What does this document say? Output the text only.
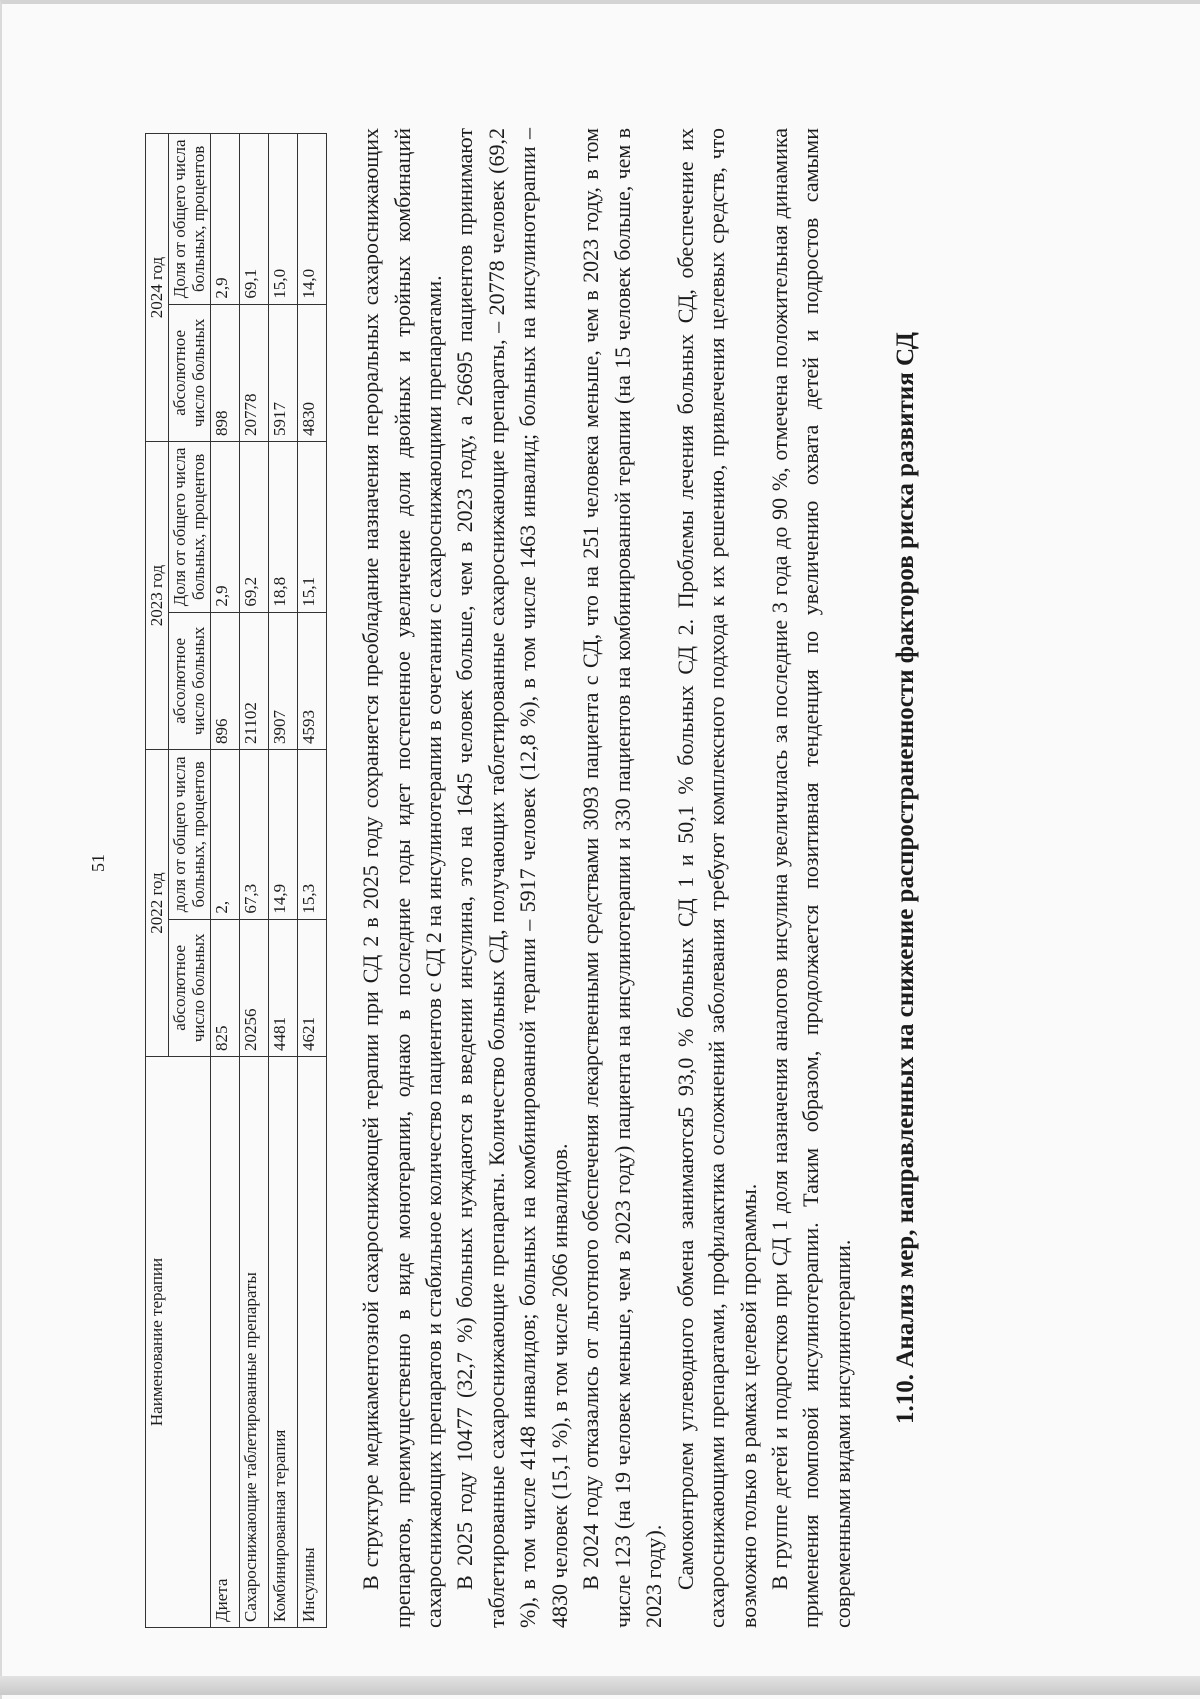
51
Наименование терапии	2022 год		2023 год		2024 год	
	абсолютное число больных	доля от общего числа больных, процентов	абсолютное число больных	Доля от общего числа больных, процентов	абсолютное число больных	Доля от общего числа больных, процентов
Диета	825	2,	896	2,9	898	2,9
Сахароснижающие таблетированные препараты	20256	67,3	21102	69,2	20778	69,1
Комбинированная терапия	4481	14,9	3907	18,8	5917	15,0
Инсулины	4621	15,3	4593	15,1	4830	14,0 В структуре медикаментозной сахароснижающей терапии при СД 2 в 2025 году сохраняется преобладание назначения пероральных сахароснижающих препаратов, преимущественно в виде монотерапии, однако в последние годы идет постепенное увеличение доли двойных и тройных комбинаций сахароснижающих препаратов и стабильное количество пациентов с СД 2 на инсулинотерапии в сочетании с сахароснижающими препаратами. В 2025 году 10477 (32,7 %) больных нуждаются в введении инсулина, это на 1645 человек больше, чем в 2023 году, а 26695 пациентов принимают таблетированные сахароснижающие препараты. Количество больных СД, получающих таблетированные сахароснижающие препараты, – 20778 человек (69,2 %), в том числе 4148 инвалидов; больных на комбинированной терапии – 5917 человек (12,8 %), в том числе 1463 инвалид; больных на инсулинотерапии – 4830 человек (15,1 %), в том числе 2066 инвалидов. В 2024 году отказались от льготного обеспечения лекарственными средствами 3093 пациента с СД, что на 251 человека меньше, чем в 2023 году, в том числе 123 (на 19 человек меньше, чем в 2023 году) пациента на инсулинотерапии и 330 пациентов на комбинированной терапии (на 15 человек больше, чем в 2023 году). Самоконтролем углеводного обмена занимаются5 93,0 % больных СД 1 и 50,1 % больных СД 2. Проблемы лечения больных СД, обеспечение их сахароснижающими препаратами, профилактика осложнений заболевания требуют комплексного подхода к их решению, привлечения целевых средств, что возможно только в рамках целевой программы. В группе детей и подростков при СД 1 доля назначения аналогов инсулина увеличилась за последние 3 года до 90 %, отмечена положительная динамика применения помповой инсулинотерапии. Таким образом, продолжается позитивная тенденция по увеличению охвата детей и подростов самыми современными видами инсулинотерапии.

1.10. Анализ мер, направленных на снижение распространенности факторов риска развития СД
